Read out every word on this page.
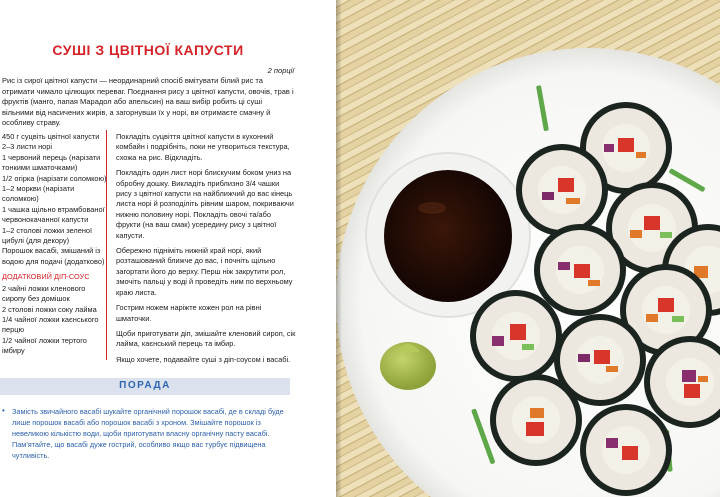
СУШІ З ЦВІТНОЇ КАПУСТИ
2 порції

Рис із сирої цвітної капусти — неординарний спосіб вмітувати білий рис та отримати чимало цілющих переваг. Поєднання рису з цвітної капусти, овочів, трав і фруктів (манго, папая Марадол або апельсин) на ваш вибір робить ці суші вільними від насичених жирів, а загорнувши їх у норі, ви отримаєте смачну й особливу страву.

450 г суцвіть цвітної капусти
2–3 листи норі
1 червоний перець (нарізати тонкими шматочками)
1/2 огірка (нарізати соломкою)
1–2 моркви (нарізати соломкою)
1 чашка щільно втрамбованої червонокачанної капусти
1–2 столові ложки зеленої цибулі (для декору)
Порошок васабі, змішаний із водою для подачі (додатково)
ДОДАТКОВИЙ ДІП-СОУС
2 чайні ложки кленового сиропу без домішок
2 столові ложки соку лайма
1/4 чайної ложки каєнського перцю
1/2 чайної ложки тертого імбиру

Покладіть суцвіття цвітної капусти в кухонний комбайн і подрібніть, поки не утвориться текстура, схожа на рис. Відкладіть.

Покладіть один лист норі блискучим боком униз на обробну дошку. Викладіть приблизно 3/4 чашки рису з цвітної капусти на найближчий до вас кінець листа норі й розподіліть рівним шаром, покриваючи нижню половину норі. Покладіть овочі та/або фрукти (на ваш смак) усередину рису з цвітної капусти.

Обережно підніміть нижній край норі, який розташований ближче до вас, і почніть щільно загортати його до верху. Перш ніж закрутити рол, змочіть пальці у воді й проведіть ним по верхньому краю листа.

Гострим ножем наріжте кожен рол на рівні шматочки.

Щоби приготувати діп, змішайте кленовий сироп, сік лайма, каєнський перець та імбир.

Якщо хочете, подавайте суші з діп-соусом і васабі.

ПОРАДА
• Замість звичайного васабі шукайте органічний порошок васабі, де в складі буде лише порошок васабі або порошок васабі з хроном. Змішайте порошок із невеликою кількістю води, щоби приготувати власну органічну пасту васабі. Пам'ятайте, що васабі дуже гострий, особливо якщо вас турбує підвищена чутливість.
